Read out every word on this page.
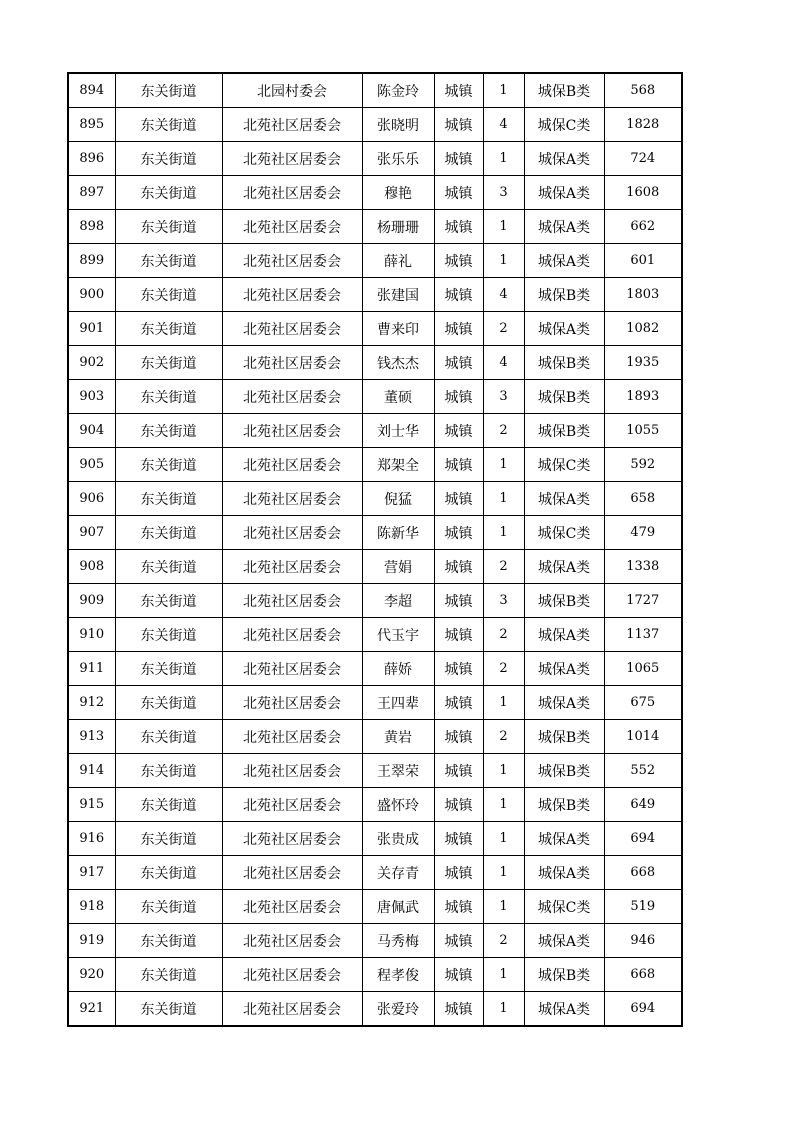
894	东关街道	北园村委会	陈金玲	城镇	1	城保B类	568
895	东关街道	北苑社区居委会	张晓明	城镇	4	城保C类	1828
896	东关街道	北苑社区居委会	张乐乐	城镇	1	城保A类	724
897	东关街道	北苑社区居委会	穆艳	城镇	3	城保A类	1608
898	东关街道	北苑社区居委会	杨珊珊	城镇	1	城保A类	662
899	东关街道	北苑社区居委会	薛礼	城镇	1	城保A类	601
900	东关街道	北苑社区居委会	张建国	城镇	4	城保B类	1803
901	东关街道	北苑社区居委会	曹来印	城镇	2	城保A类	1082
902	东关街道	北苑社区居委会	钱杰杰	城镇	4	城保B类	1935
903	东关街道	北苑社区居委会	董硕	城镇	3	城保B类	1893
904	东关街道	北苑社区居委会	刘士华	城镇	2	城保B类	1055
905	东关街道	北苑社区居委会	郑架全	城镇	1	城保C类	592
906	东关街道	北苑社区居委会	倪猛	城镇	1	城保A类	658
907	东关街道	北苑社区居委会	陈新华	城镇	1	城保C类	479
908	东关街道	北苑社区居委会	营娟	城镇	2	城保A类	1338
909	东关街道	北苑社区居委会	李超	城镇	3	城保B类	1727
910	东关街道	北苑社区居委会	代玉宇	城镇	2	城保A类	1137
911	东关街道	北苑社区居委会	薛娇	城镇	2	城保A类	1065
912	东关街道	北苑社区居委会	王四辈	城镇	1	城保A类	675
913	东关街道	北苑社区居委会	黄岩	城镇	2	城保B类	1014
914	东关街道	北苑社区居委会	王翠荣	城镇	1	城保B类	552
915	东关街道	北苑社区居委会	盛怀玲	城镇	1	城保B类	649
916	东关街道	北苑社区居委会	张贵成	城镇	1	城保A类	694
917	东关街道	北苑社区居委会	关存青	城镇	1	城保A类	668
918	东关街道	北苑社区居委会	唐佩武	城镇	1	城保C类	519
919	东关街道	北苑社区居委会	马秀梅	城镇	2	城保A类	946
920	东关街道	北苑社区居委会	程孝俊	城镇	1	城保B类	668
921	东关街道	北苑社区居委会	张爱玲	城镇	1	城保A类	694
